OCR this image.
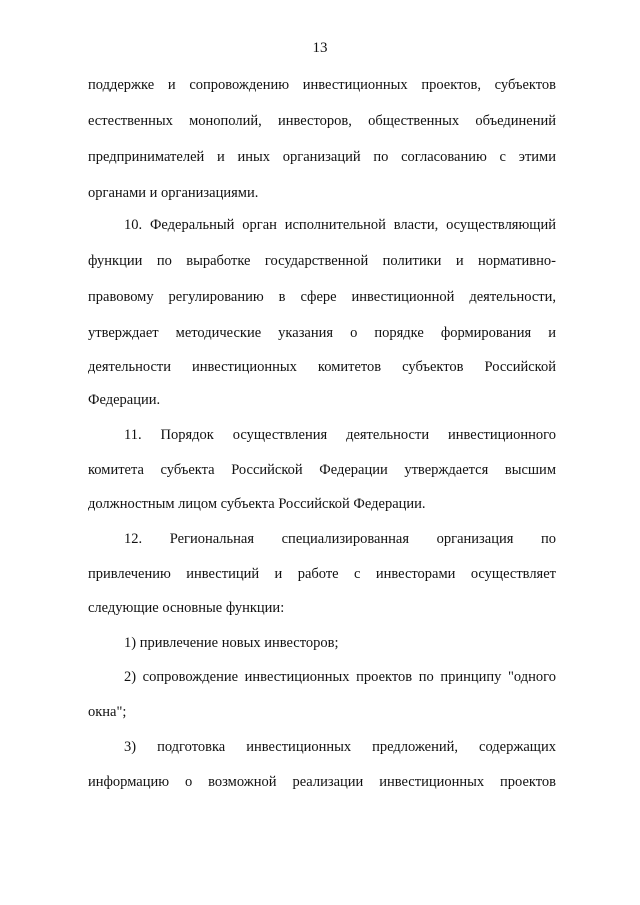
13
поддержке и сопровождению инвестиционных проектов, субъектов
естественных монополий, инвесторов, общественных объединений
предпринимателей и иных организаций по согласованию с этими
органами и организациями.
10. Федеральный орган исполнительной власти, осуществляющий
функции по выработке государственной политики и нормативно-
правовому регулированию в сфере инвестиционной деятельности,
утверждает методические указания о порядке формирования и
деятельности инвестиционных комитетов субъектов Российской
Федерации.
11. Порядок осуществления деятельности инвестиционного
комитета субъекта Российской Федерации утверждается высшим
должностным лицом субъекта Российской Федерации.
12. Региональная специализированная организация по
привлечению инвестиций и работе с инвесторами осуществляет
следующие основные функции:
1) привлечение новых инвесторов;
2) сопровождение инвестиционных проектов по принципу "одного
окна";
3) подготовка инвестиционных предложений, содержащих
информацию о возможной реализации инвестиционных проектов
